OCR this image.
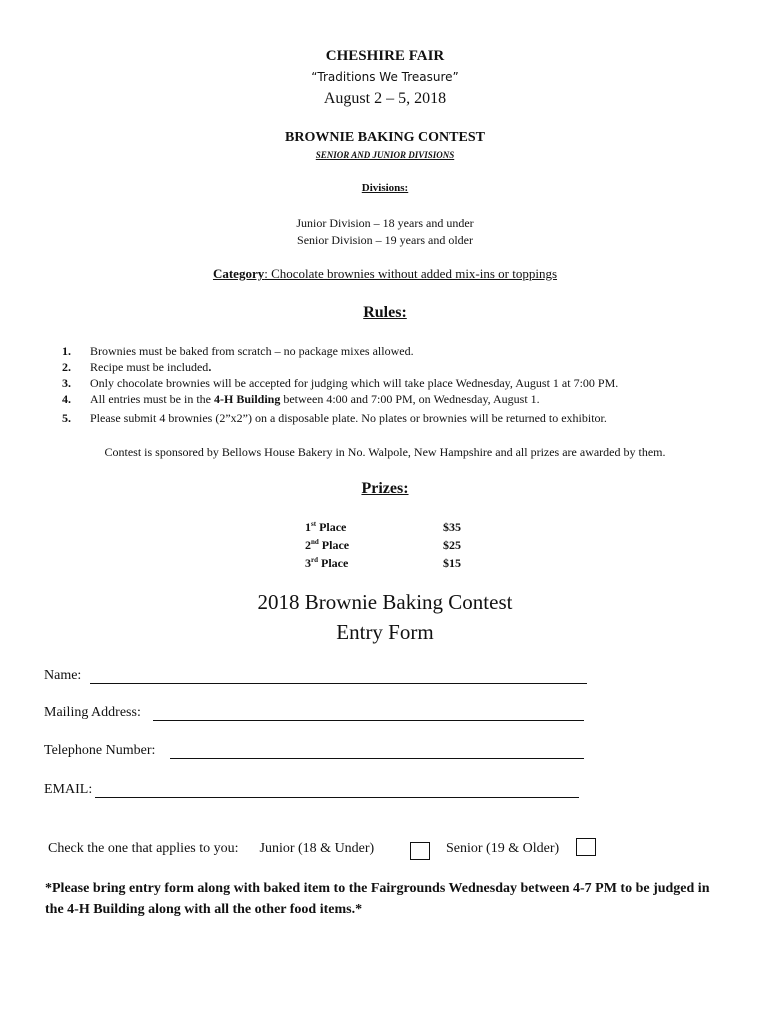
CHESHIRE FAIR
“Traditions We Treasure”
August 2 – 5, 2018
BROWNIE BAKING CONTEST
SENIOR AND JUNIOR DIVISIONS
Divisions:
Junior Division – 18 years and under
Senior Division – 19 years and older
Category: Chocolate brownies without added mix-ins or toppings
Rules:
1. Brownies must be baked from scratch – no package mixes allowed.
2. Recipe must be included.
3. Only chocolate brownies will be accepted for judging which will take place Wednesday, August 1 at 7:00 PM.
4. All entries must be in the 4-H Building between 4:00 and 7:00 PM, on Wednesday, August 1.
5. Please submit 4 brownies (2”x2”) on a disposable plate. No plates or brownies will be returned to exhibitor.
Contest is sponsored by Bellows House Bakery in No. Walpole, New Hampshire and all prizes are awarded by them.
Prizes:
1st Place	$35
2nd Place	$25
3rd Place	$15
2018 Brownie Baking Contest
Entry Form
Name:
Mailing Address:
Telephone Number:
EMAIL:
Check the one that applies to you: Junior (18 & Under)	Senior (19 & Older)
*Please bring entry form along with baked item to the Fairgrounds Wednesday between 4-7 PM to be judged in the 4-H Building along with all the other food items.*
